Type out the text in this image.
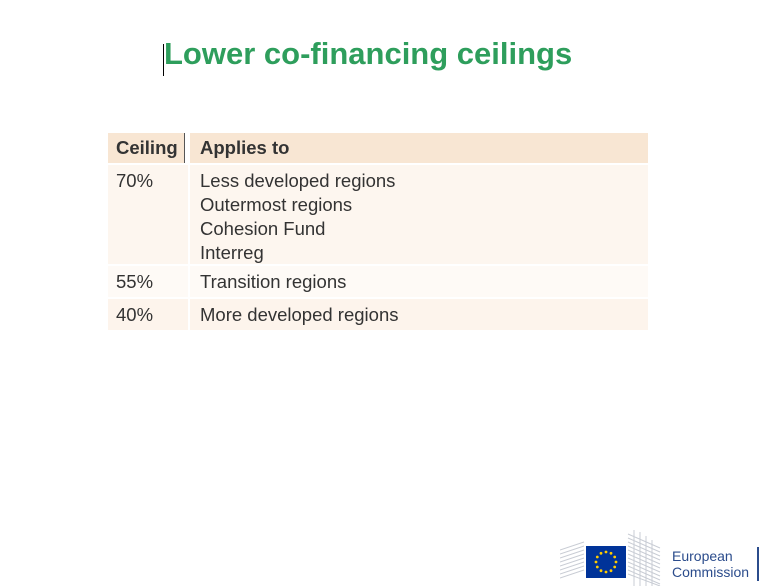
Lower co-financing ceilings
Ceiling	Applies to
70%	Less developed regions
Outermost regions
Cohesion Fund
Interreg
55%	Transition regions
40%	More developed regions
European
Commission
